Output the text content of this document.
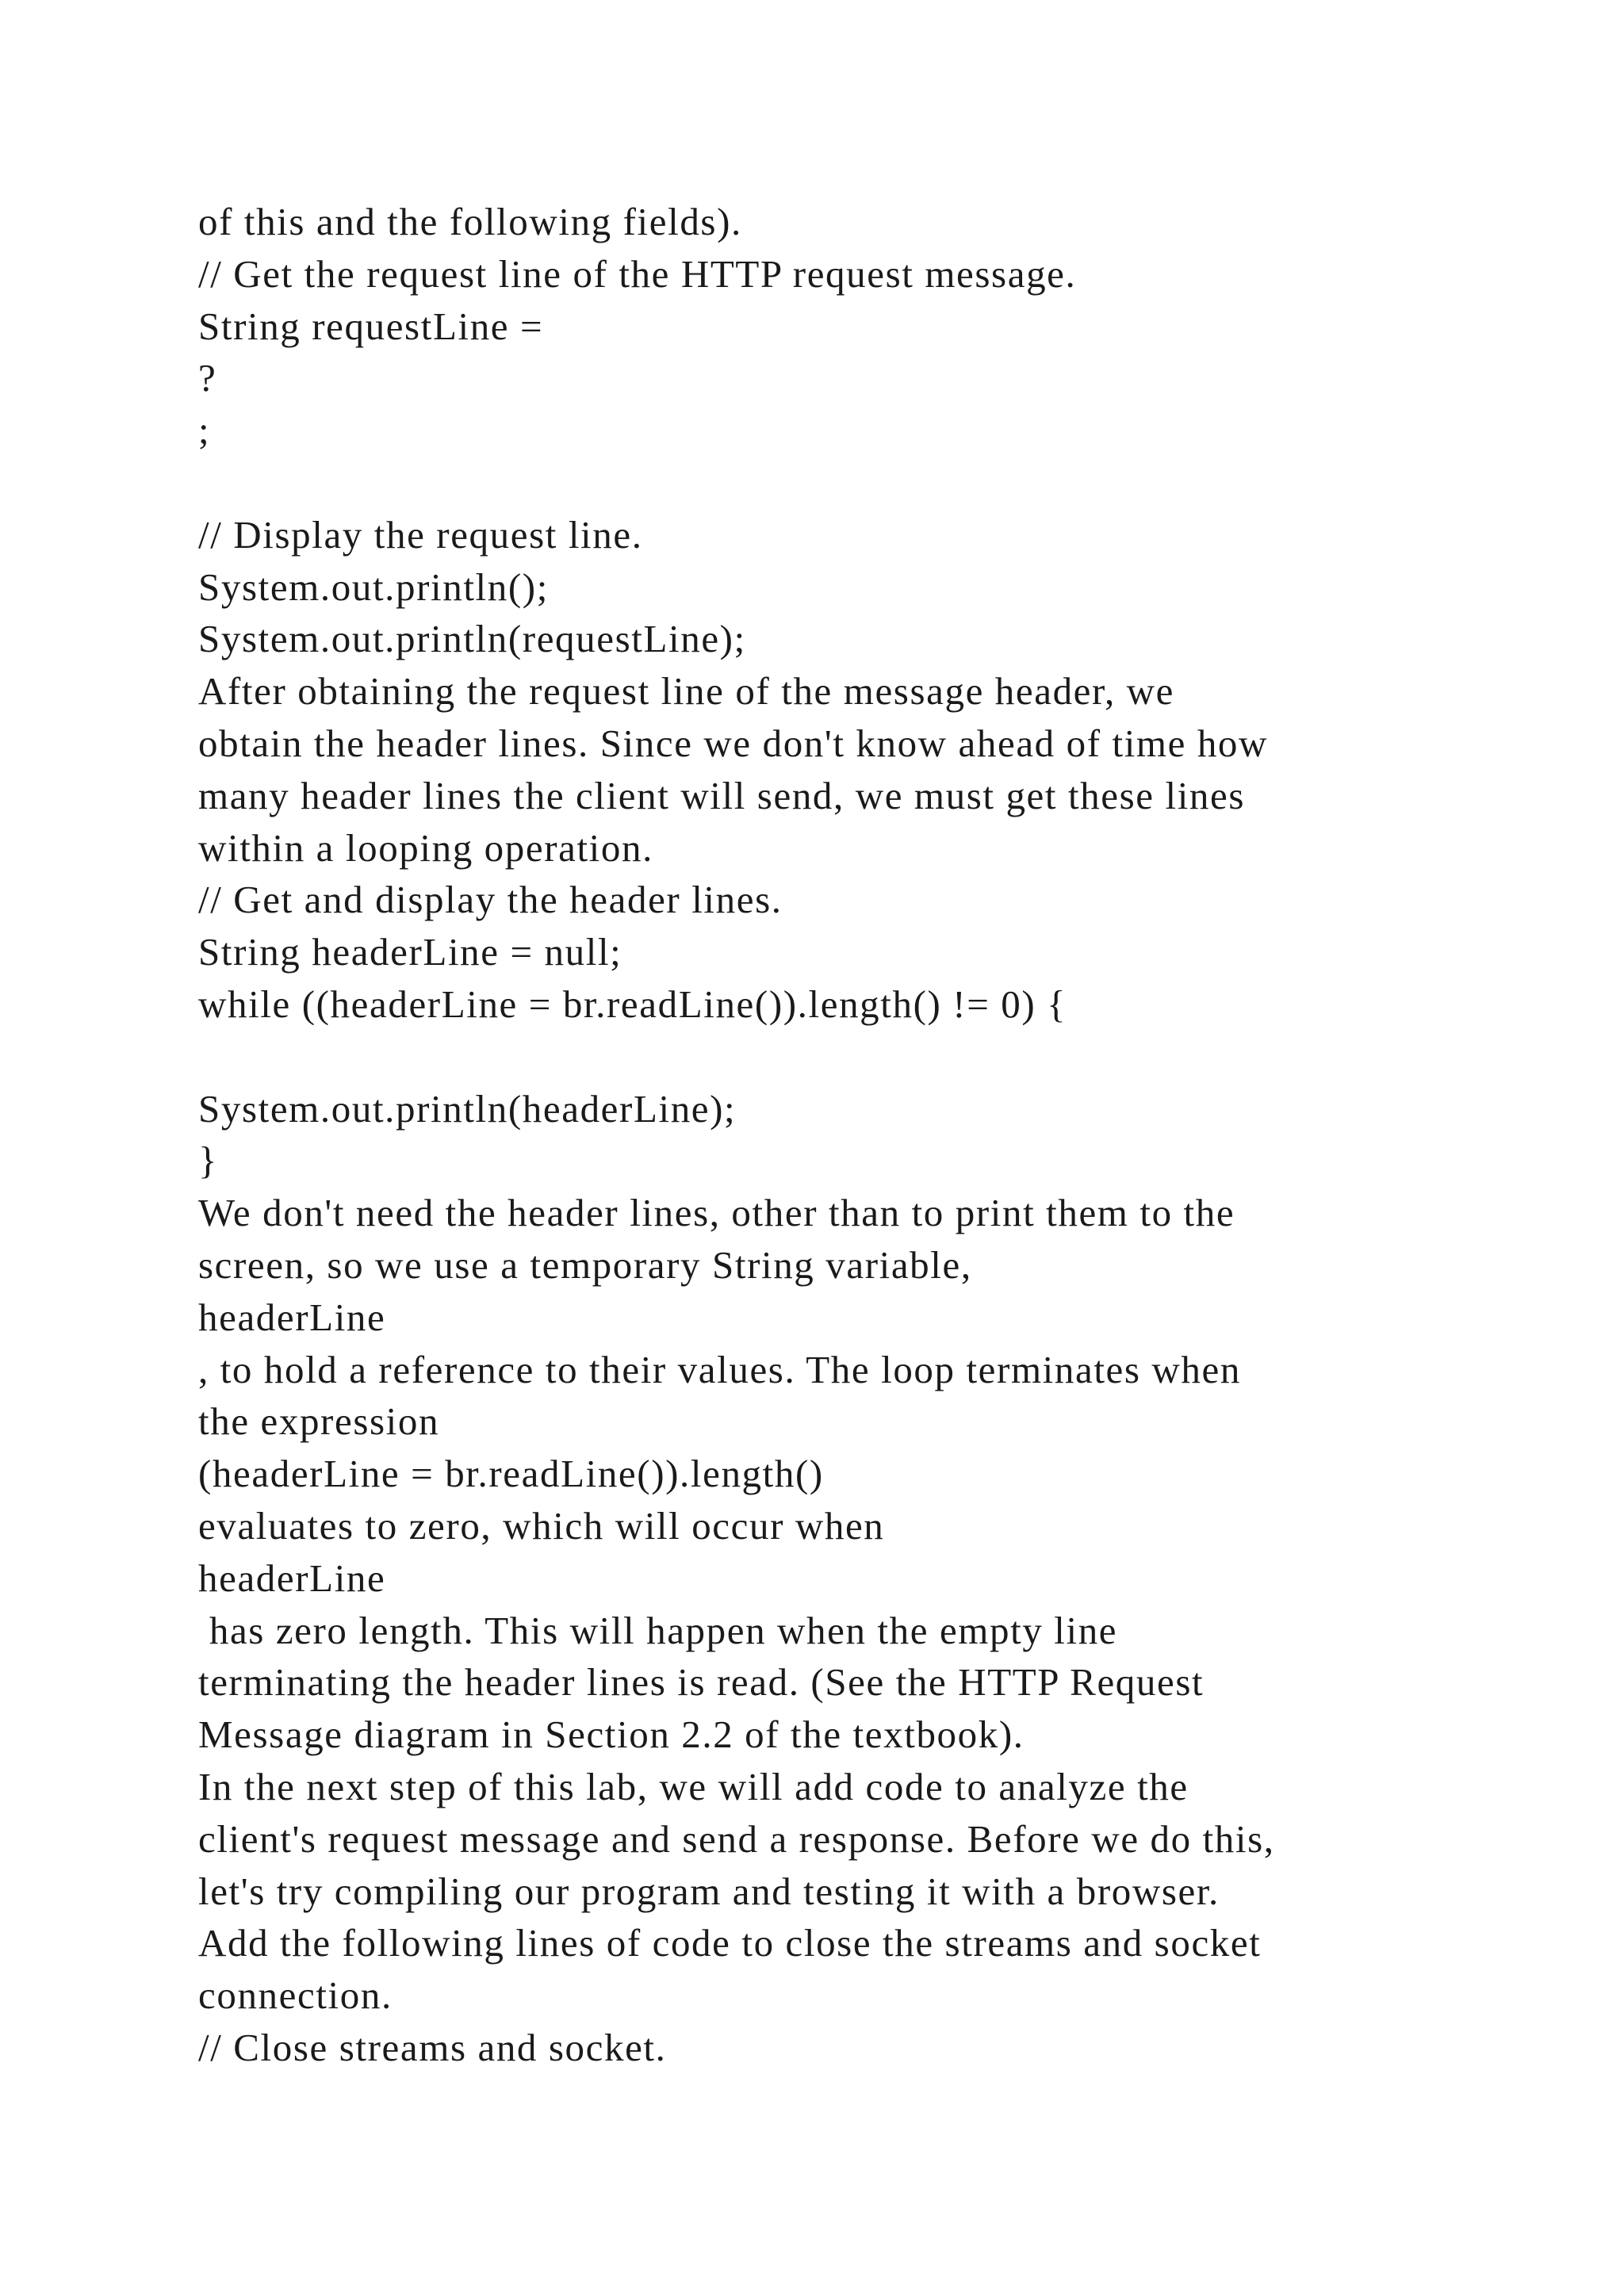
of this and the following fields).
// Get the request line of the HTTP request message.
String requestLine =
?
;
// Display the request line.
System.out.println();
System.out.println(requestLine);
After obtaining the request line of the message header, we
obtain the header lines. Since we don't know ahead of time how
many header lines the client will send, we must get these lines
within a looping operation.
// Get and display the header lines.
String headerLine = null;
while ((headerLine = br.readLine()).length() != 0) {
System.out.println(headerLine);
}
We don't need the header lines, other than to print them to the
screen, so we use a temporary String variable,
headerLine
, to hold a reference to their values. The loop terminates when
the expression
(headerLine = br.readLine()).length()
evaluates to zero, which will occur when
headerLine
has zero length. This will happen when the empty line
terminating the header lines is read. (See the HTTP Request
Message diagram in Section 2.2 of the textbook).
In the next step of this lab, we will add code to analyze the
client's request message and send a response. Before we do this,
let's try compiling our program and testing it with a browser.
Add the following lines of code to close the streams and socket
connection.
// Close streams and socket.
